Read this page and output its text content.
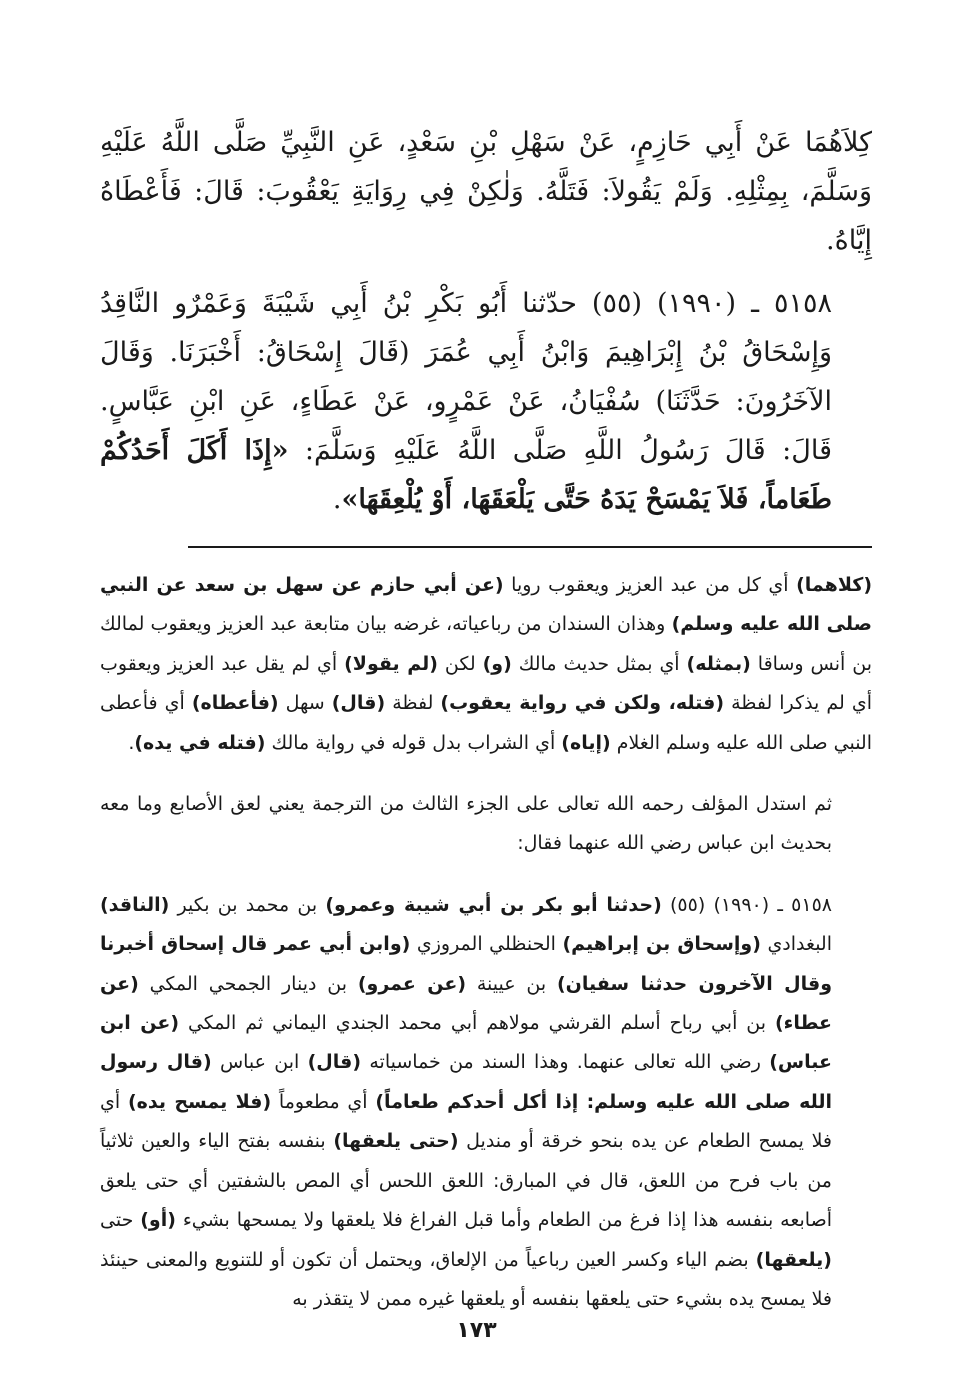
كِلاَهُمَا عَنْ أَبِي حَازِمٍ، عَنْ سَهْلِ بْنِ سَعْدٍ، عَنِ النَّبِيِّ صَلَّى اللَّهُ عَلَيْهِ وَسَلَّمَ، بِمِثْلِهِ. وَلَمْ يَقُولاَ: فَتَلَّهُ. وَلٰكِنْ فِي رِوَايَةِ يَعْقُوبَ: قَالَ: فَأَعْطَاهُ إِيَّاهُ.

٥١٥٨ ـ (١٩٩٠) (٥٥) حدّثنا أَبُو بَكْرِ بْنُ أَبِي شَيْبَةَ وَعَمْرٌو النَّاقِدُ وَإِسْحَاقُ بْنُ إِبْرَاهِيمَ وَابْنُ أَبِي عُمَرَ (قَالَ إِسْحَاقُ: أَخْبَرَنَا. وَقَالَ الآخَرُونَ: حَدَّثَنَا) سُفْيَانُ، عَنْ عَمْرٍو، عَنْ عَطَاءٍ، عَنِ ابْنِ عَبَّاسٍ. قَالَ: قَالَ رَسُولُ اللَّهِ صَلَّى اللَّهُ عَلَيْهِ وَسَلَّمَ: «إِذَا أَكَلَ أَحَدُكُمْ طَعَاماً، فَلاَ يَمْسَحْ يَدَهُ حَتَّى يَلْعَقَهَا، أَوْ يُلْعِقَهَا».

(كلاهما) أي كل من عبد العزيز ويعقوب رويا (عن أبي حازم عن سهل بن سعد عن النبي صلى الله عليه وسلم) وهذان السندان من رباعياته، غرضه بيان متابعة عبد العزيز ويعقوب لمالك بن أنس وساقا (بمثله) أي بمثل حديث مالك (و) لكن (لم يقولا) أي لم يقل عبد العزيز ويعقوب أي لم يذكرا لفظة (فتله، ولكن في رواية يعقوب) لفظة (قال) سهل (فأعطاه) أي فأعطى النبي صلى الله عليه وسلم الغلام (إياه) أي الشراب بدل قوله في رواية مالك (فتله في يده).

ثم استدل المؤلف رحمه الله تعالى على الجزء الثالث من الترجمة يعني لعق الأصابع وما معه بحديث ابن عباس رضي الله عنهما فقال:

٥١٥٨ ـ (١٩٩٠) (٥٥) (حدثنا أبو بكر بن أبي شيبة وعمرو) بن محمد بن بكير (الناقد) البغدادي (وإسحاق بن إبراهيم) الحنظلي المروزي (وابن أبي عمر قال إسحاق أخبرنا وقال الآخرون حدثنا سفيان) بن عيينة (عن عمرو) بن دينار الجمحي المكي (عن عطاء) بن أبي رباح أسلم القرشي مولاهم أبي محمد الجندي اليماني ثم المكي (عن ابن عباس) رضي الله تعالى عنهما. وهذا السند من خماسياته (قال) ابن عباس (قال رسول الله صلى الله عليه وسلم: إذا أكل أحدكم طعاماً) أي مطعوماً (فلا يمسح يده) أي فلا يمسح الطعام عن يده بنحو خرقة أو منديل (حتى يلعقها) بنفسه بفتح الياء والعين ثلاثياً من باب فرح من اللعق، قال في المبارق: اللعق اللحس أي المص بالشفتين أي حتى يلعق أصابعه بنفسه هذا إذا فرغ من الطعام وأما قبل الفراغ فلا يلعقها ولا يمسحها بشيء (أو) حتى (يلعقها) بضم الياء وكسر العين رباعياً من الإلعاق، ويحتمل أن تكون أو للتنويع والمعنى حينئذ فلا يمسح يده بشيء حتى يلعقها بنفسه أو يلعقها غيره ممن لا يتقذر به

١٧٣
